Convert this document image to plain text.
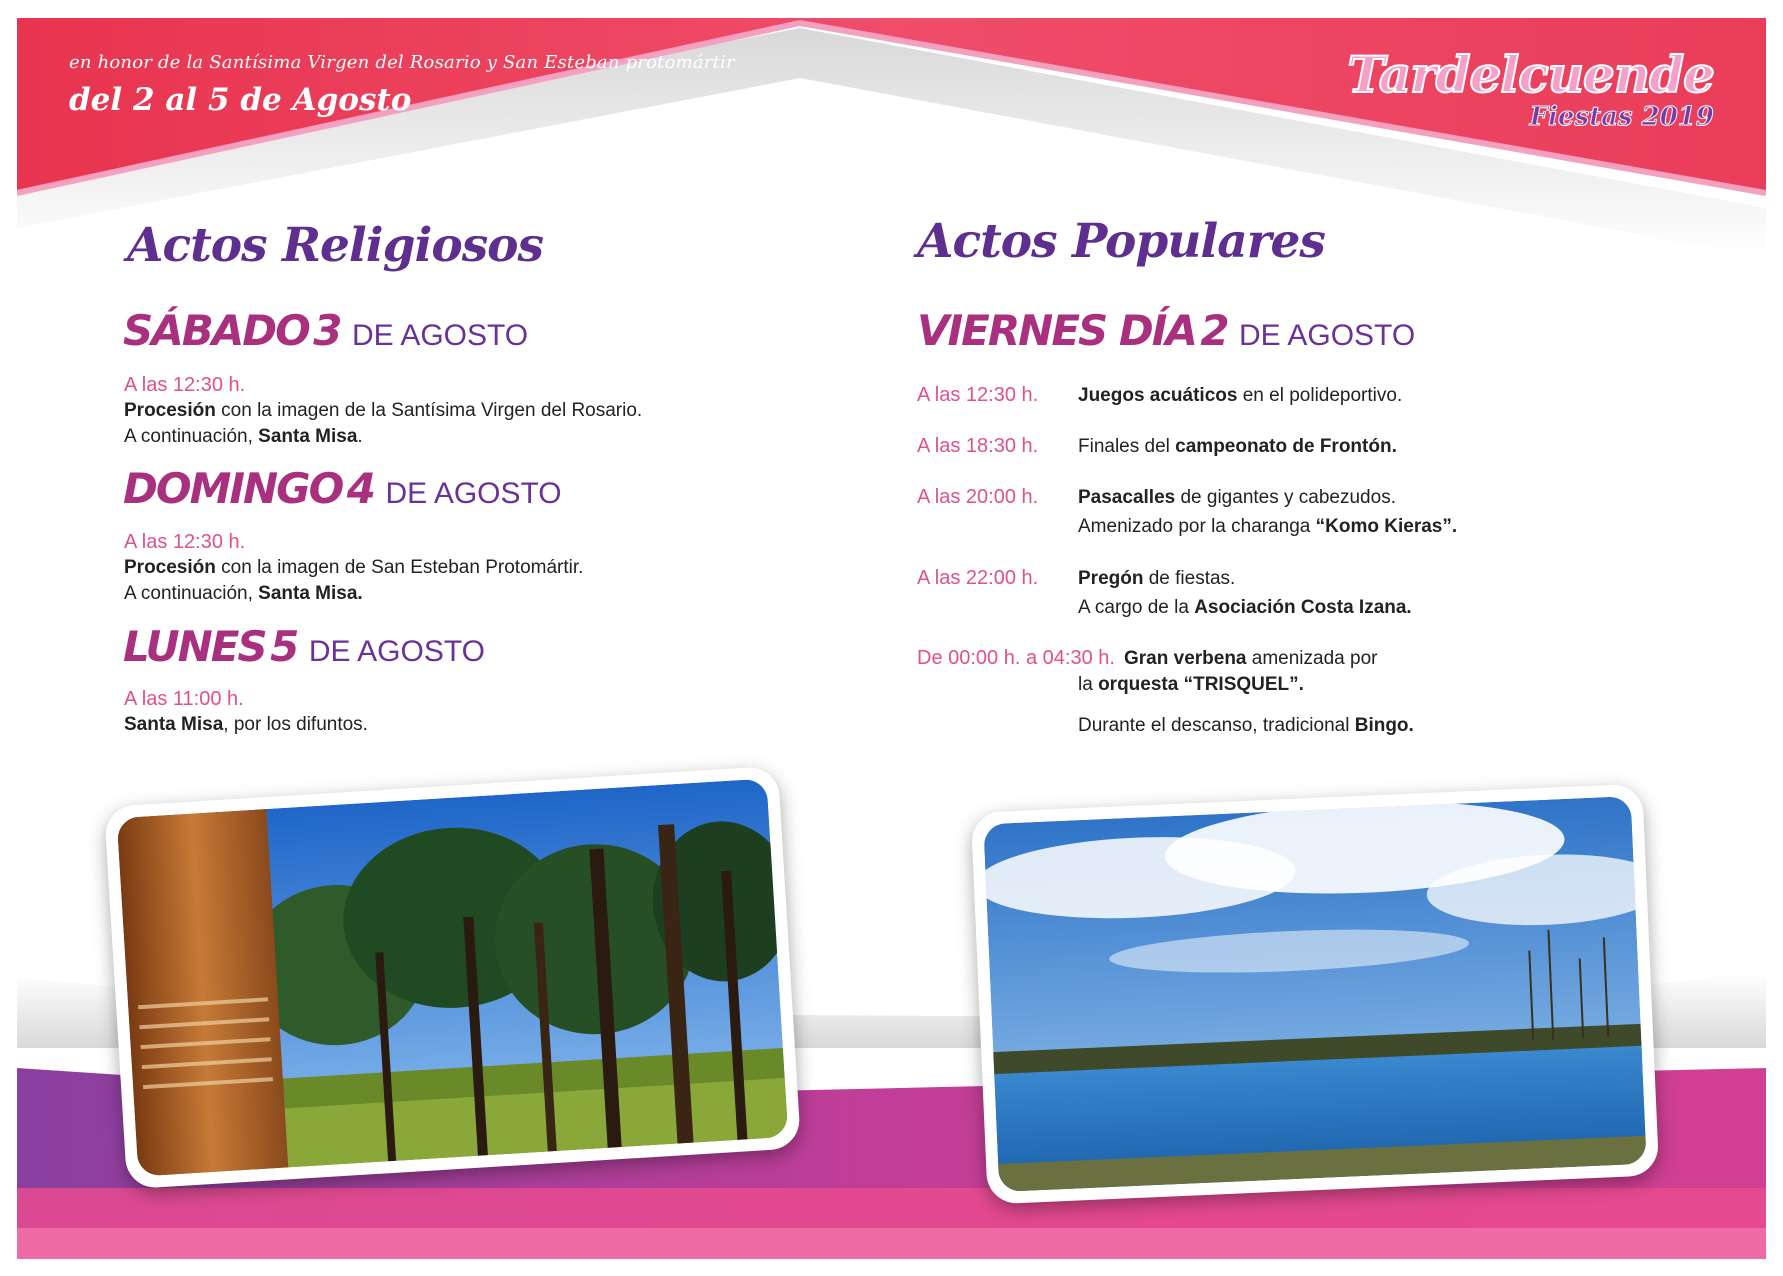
en honor de la Santísima Virgen del Rosario y San Esteban protomártir
del 2 al 5 de Agosto	Tardelcuende
Fiestas 2019
Actos Religiosos
SÁBADO 3 DE AGOSTO
A las 12:30 h.
Procesión con la imagen de la Santísima Virgen del Rosario.
A continuación, Santa Misa.
DOMINGO 4 DE AGOSTO
A las 12:30 h.
Procesión con la imagen de San Esteban Protomártir.
A continuación, Santa Misa.
LUNES 5 DE AGOSTO
A las 11:00 h.
Santa Misa, por los difuntos.
Actos Populares
VIERNES DÍA 2 DE AGOSTO
A las 12:30 h. Juegos acuáticos en el polideportivo.
A las 18:30 h. Finales del campeonato de Frontón.
A las 20:00 h. Pasacalles de gigantes y cabezudos.
Amenizado por la charanga “Komo Kieras”.
A las 22:00 h. Pregón de fiestas.
A cargo de la Asociación Costa Izana.
De 00:00 h. a 04:30 h. Gran verbena amenizada por
la orquesta “TRISQUEL”.
Durante el descanso, tradicional Bingo.
